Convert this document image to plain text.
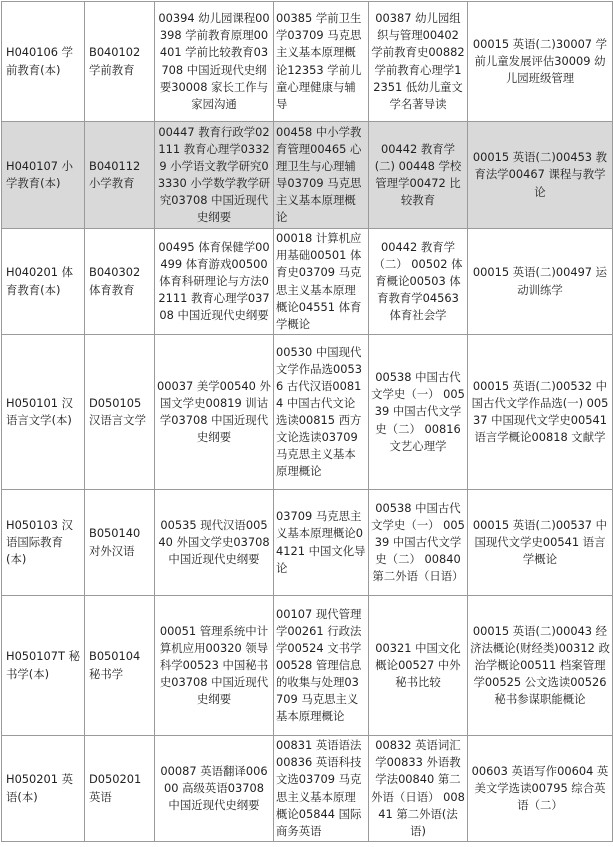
H040106 学前教育(本)	B040102 学前教育	00394 幼儿园课程00398 学前教育原理00401 学前比较教育03708 中国近现代史纲要30008 家长工作与家园沟通	00385 学前卫生学03709 马克思主义基本原理概论12353 学前儿童心理健康与辅导	00387 幼儿园组织与管理00402 学前教育史00882 学前教育心理学12351 低幼儿童文学名著导读	00015 英语(二)30007 学前儿童发展评估30009 幼儿园班级管理
H040107 小学教育(本)	B040112 小学教育	00447 教育行政学02111 教育心理学03329 小学语文教学研究03330 小学数学教学研究03708 中国近现代史纲要	00458 中小学教育管理00465 心理卫生与心理辅导03709 马克思主义基本原理概论	00442 教育学(二) 00448 学校管理学00472 比较教育	00015 英语(二)00453 教育法学00467 课程与教学论
H040201 体育教育(本)	B040302 体育教育	00495 体育保健学00499 体育游戏00500 体育科研理论与方法02111 教育心理学03708 中国近现代史纲要	00018 计算机应用基础00501 体育史03709 马克思主义基本原理概论04551 体育学概论	00442 教育学（二） 00502 体育概论00503 体育教育学04563 体育社会学	00015 英语(二)00497 运动训练学
H050101 汉语言文学(本)	D050105 汉语言文学	00037 美学00540 外国文学史00819 训诂学03708 中国近现代史纲要	00530 中国现代文学作品选00536 古代汉语00814 中国古代文论选读00815 西方文论选读03709 马克思主义基本原理概论	00538 中国古代文学史（一） 00539 中国古代文学史（二） 00816 文艺心理学	00015 英语(二)00532 中国古代文学作品选(一) 00537 中国现代文学史00541 语言学概论00818 文献学
H050103 汉语国际教育(本)	B050140 对外汉语	00535 现代汉语00540 外国文学史03708 中国近现代史纲要	03709 马克思主义基本原理概论04121 中国文化导论	00538 中国古代文学史（一） 00539 中国古代文学史（二） 00840 第二外语（日语）	00015 英语(二)00537 中国现代文学史00541 语言学概论
H050107T 秘书学(本)	B050104 秘书学	00051 管理系统中计算机应用00320 领导科学00523 中国秘书史03708 中国近现代史纲要	00107 现代管理学00261 行政法学00524 文书学00528 管理信息的收集与处理03709 马克思主义基本原理概论	00321 中国文化概论00527 中外秘书比较	00015 英语(二)00043 经济法概论(财经类)00312 政治学概论00511 档案管理学00525 公文选读00526 秘书参谋职能概论
H050201 英语(本)	D050201 英语	00087 英语翻译00600 高级英语03708 中国近现代史纲要	00831 英语语法00836 英语科技文选03709 马克思主义基本原理概论05844 国际商务英语	00832 英语词汇学00833 外语教学法00840 第二外语（日语） 00841 第二外语(法语)	00603 英语写作00604 英美文学选读00795 综合英语（二）
